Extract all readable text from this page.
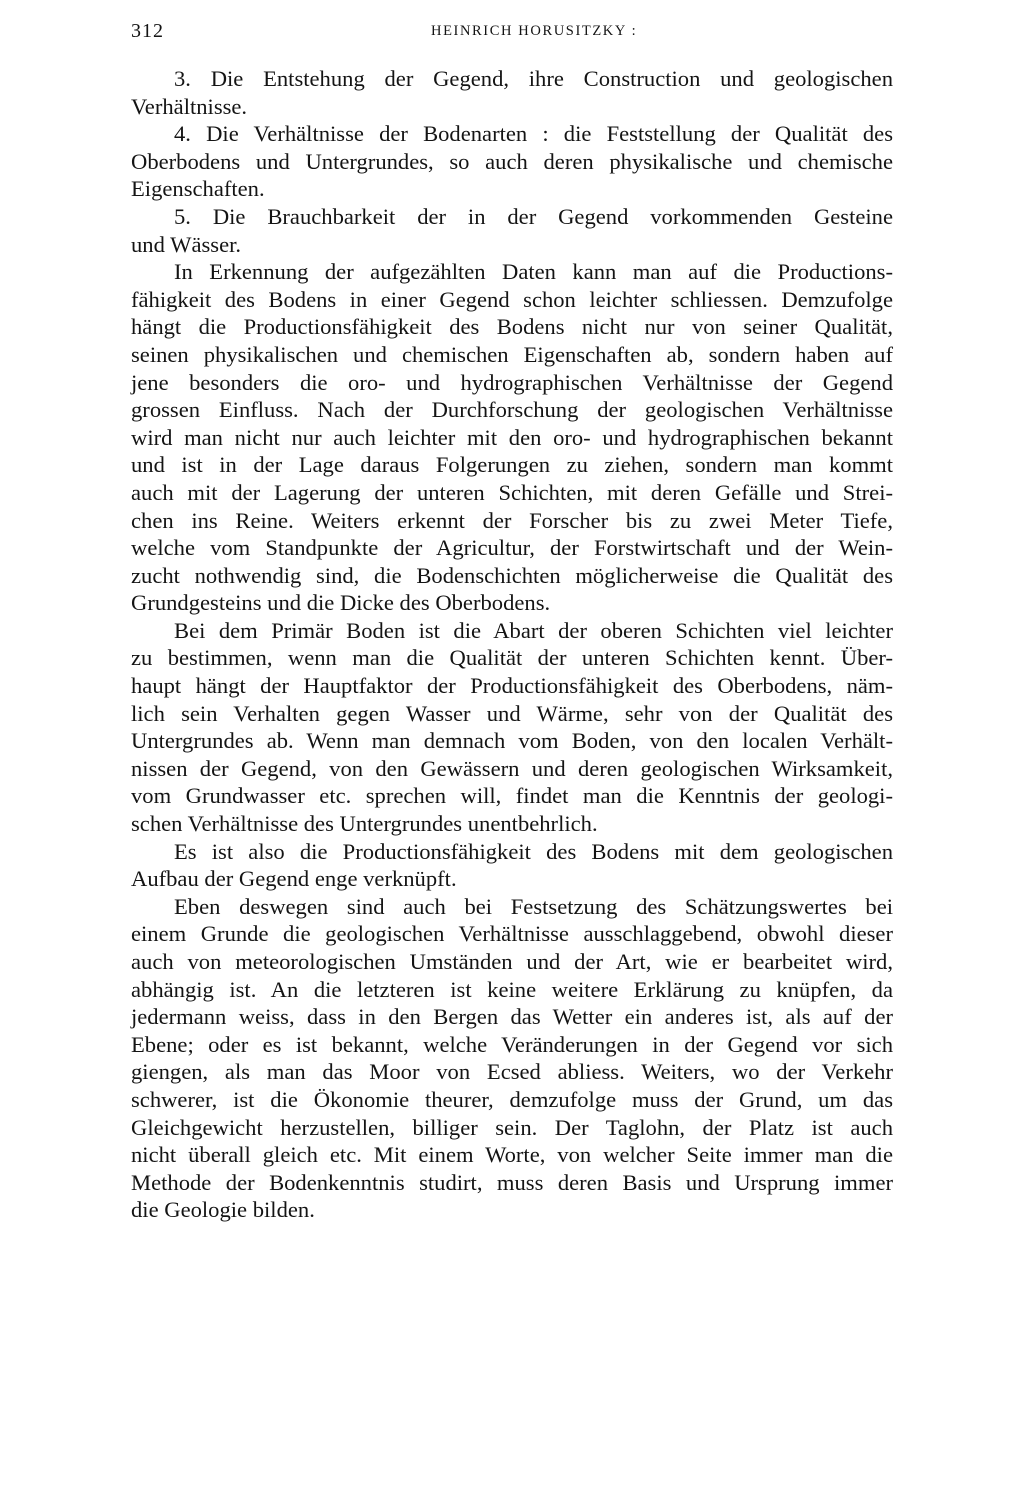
312	HEINRICH HORUSITZKY :
3. Die Entstehung der Gegend, ihre Construction und geologischen
Verhältnisse.
4. Die Verhältnisse der Bodenarten : die Feststellung der Qualität des
Oberbodens und Untergrundes, so auch deren physikalische und chemische
Eigenschaften.
5. Die Brauchbarkeit der in der Gegend vorkommenden Gesteine
und Wässer.
In Erkennung der aufgezählten Daten kann man auf die Productions-
fähigkeit des Bodens in einer Gegend schon leichter schliessen. Demzufolge
hängt die Productionsfähigkeit des Bodens nicht nur von seiner Qualität,
seinen physikalischen und chemischen Eigenschaften ab, sondern haben auf
jene besonders die oro- und hydrographischen Verhältnisse der Gegend
grossen Einfluss. Nach der Durchforschung der geologischen Verhältnisse
wird man nicht nur auch leichter mit den oro- und hydrographischen bekannt
und ist in der Lage daraus Folgerungen zu ziehen, sondern man kommt
auch mit der Lagerung der unteren Schichten, mit deren Gefälle und Strei-
chen ins Reine. Weiters erkennt der Forscher bis zu zwei Meter Tiefe,
welche vom Standpunkte der Agricultur, der Forstwirtschaft und der Wein-
zucht nothwendig sind, die Bodenschichten möglicherweise die Qualität des
Grundgesteins und die Dicke des Oberbodens.
Bei dem Primär Boden ist die Abart der oberen Schichten viel leichter
zu bestimmen, wenn man die Qualität der unteren Schichten kennt. Über-
haupt hängt der Hauptfaktor der Productionsfähigkeit des Oberbodens, näm-
lich sein Verhalten gegen Wasser und Wärme, sehr von der Qualität des
Untergrundes ab. Wenn man demnach vom Boden, von den localen Verhält-
nissen der Gegend, von den Gewässern und deren geologischen Wirksamkeit,
vom Grundwasser etc. sprechen will, findet man die Kenntnis der geologi-
schen Verhältnisse des Untergrundes unentbehrlich.
Es ist also die Productionsfähigkeit des Bodens mit dem geologischen
Aufbau der Gegend enge verknüpft.
Eben deswegen sind auch bei Festsetzung des Schätzungswertes bei
einem Grunde die geologischen Verhältnisse ausschlaggebend, obwohl dieser
auch von meteorologischen Umständen und der Art, wie er bearbeitet wird,
abhängig ist. An die letzteren ist keine weitere Erklärung zu knüpfen, da
jedermann weiss, dass in den Bergen das Wetter ein anderes ist, als auf der
Ebene; oder es ist bekannt, welche Veränderungen in der Gegend vor sich
giengen, als man das Moor von Ecsed abliess. Weiters, wo der Verkehr
schwerer, ist die Ökonomie theurer, demzufolge muss der Grund, um das
Gleichgewicht herzustellen, billiger sein. Der Taglohn, der Platz ist auch
nicht überall gleich etc. Mit einem Worte, von welcher Seite immer man die
Methode der Bodenkenntnis studirt, muss deren Basis und Ursprung immer
die Geologie bilden.
